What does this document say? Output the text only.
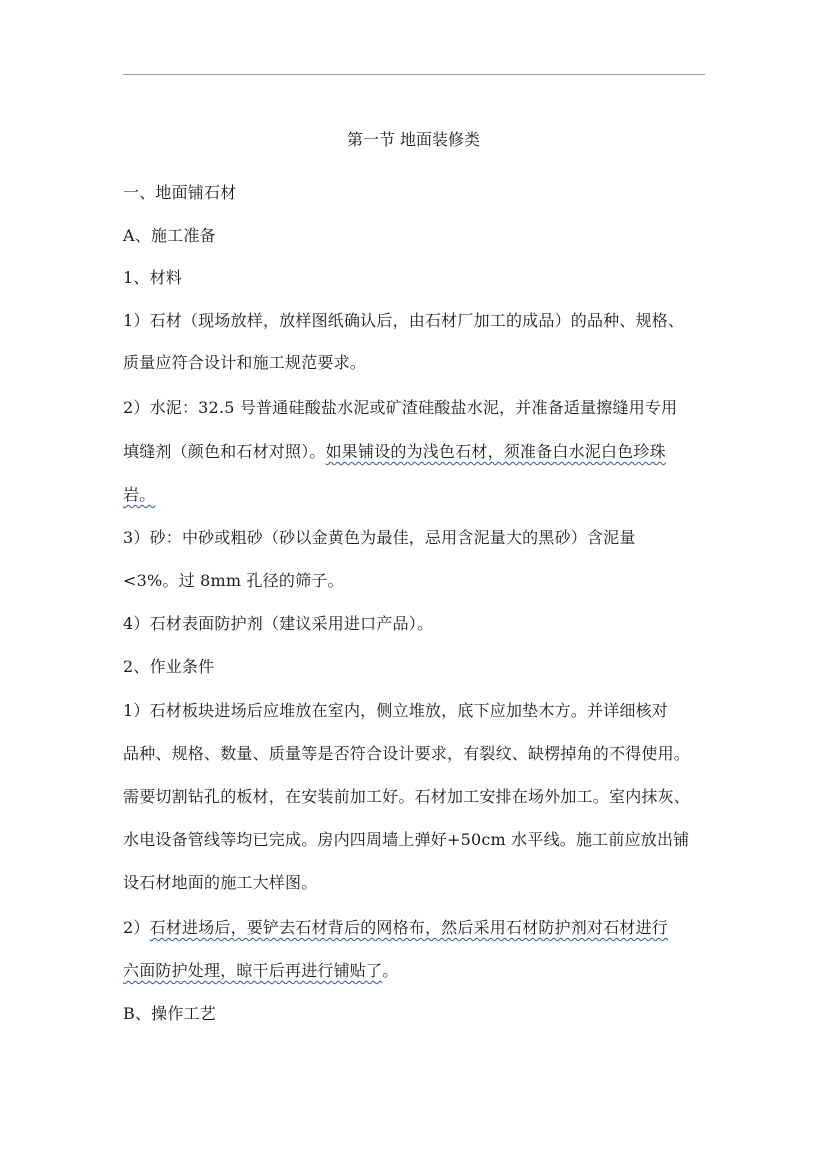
第一节 地面装修类
一、地面铺石材
A、施工准备
1、材料
1）石材（现场放样，放样图纸确认后，由石材厂加工的成品）的品种、规格、
质量应符合设计和施工规范要求。
2）水泥：32.5 号普通硅酸盐水泥或矿渣硅酸盐水泥，并准备适量擦缝用专用
填缝剂（颜色和石材对照）。如果铺设的为浅色石材，须准备白水泥白色珍珠
岩。
3）砂：中砂或粗砂（砂以金黄色为最佳，忌用含泥量大的黑砂）含泥量
<3%。过 8mm 孔径的筛子。
4）石材表面防护剂（建议采用进口产品）。
2、作业条件
1）石材板块进场后应堆放在室内，侧立堆放，底下应加垫木方。并详细核对
品种、规格、数量、质量等是否符合设计要求，有裂纹、缺楞掉角的不得使用。
需要切割钻孔的板材，在安装前加工好。石材加工安排在场外加工。室内抹灰、
水电设备管线等均已完成。房内四周墙上弹好+50cm 水平线。施工前应放出铺
设石材地面的施工大样图。
2）石材进场后，要铲去石材背后的网格布，然后采用石材防护剂对石材进行
六面防护处理，晾干后再进行铺贴了。
B、操作工艺
